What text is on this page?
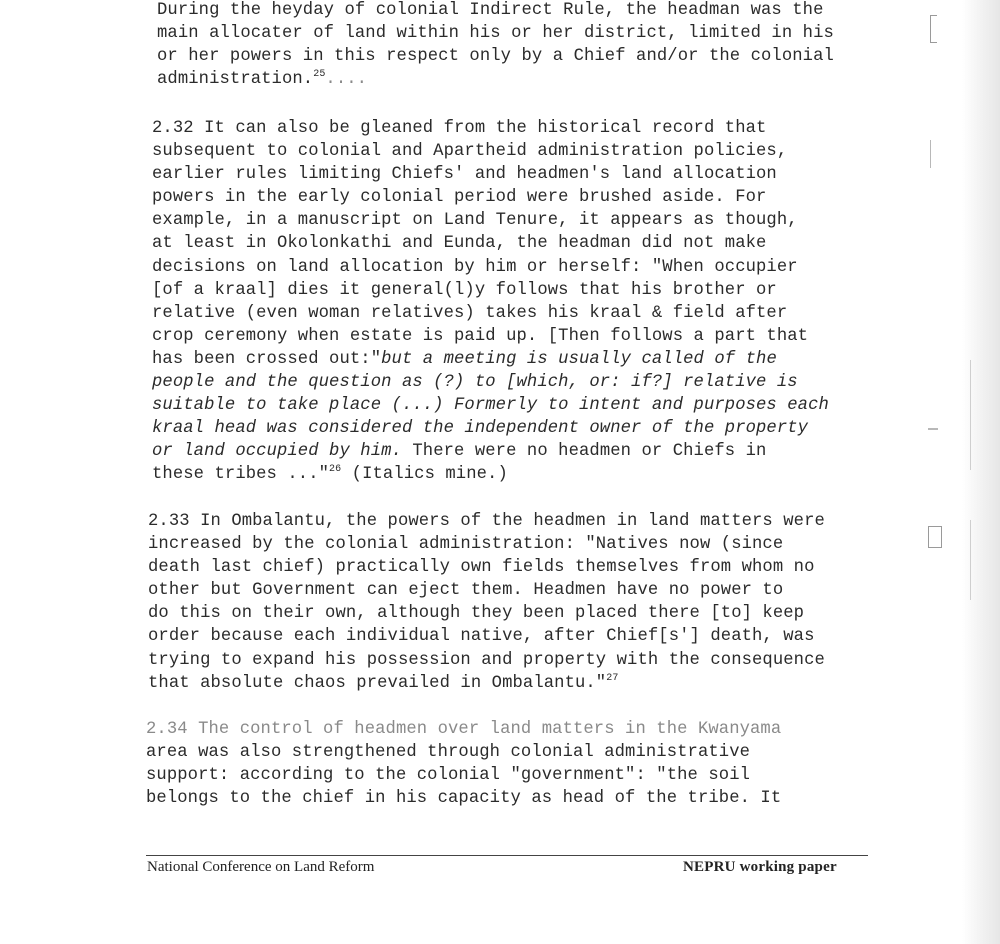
During the heyday of colonial Indirect Rule, the headman was the
main allocater of land within his or her district, limited in his
or her powers in this respect only by a Chief and/or the colonial
administration.$^{25}$....

2.32 It can also be gleaned from the historical record that
subsequent to colonial and Apartheid administration policies,
earlier rules limiting Chiefs' and headmen's land allocation
powers in the early colonial period were brushed aside. For
example, in a manuscript on Land Tenure, it appears as though,
at least in Okolonkathi and Eunda, the headman did not make
decisions on land allocation by him or herself: "When occupier
[of a kraal] dies it general(l)y follows that his brother or
relative (even woman relatives) takes his kraal & field after
crop ceremony when estate is paid up. [Then follows a part that
has been crossed out:"but a meeting is usually called of the
people and the question as (?) to [which, or: if?] relative is
suitable to take place (...) Formerly to intent and purposes each
kraal head was considered the independent owner of the property
or land occupied by him. There were no headmen or Chiefs in
these tribes ..."$^{26}$ (Italics mine.)

2.33 In Ombalantu, the powers of the headmen in land matters were
increased by the colonial administration: "Natives now (since
death last chief) practically own fields themselves from whom no
other but Government can eject them. Headmen have no power to
do this on their own, although they been placed there [to] keep
order because each individual native, after Chief[s'] death, was
trying to expand his possession and property with the consequence
that absolute chaos prevailed in Ombalantu."$^{27}$

2.34 The control of headmen over land matters in the Kwanyama
area was also strengthened through colonial administrative
support: according to the colonial "government": "the soil
belongs to the chief in his capacity as head of the tribe. It

National Conference on Land Reform	NEPRU working paper
